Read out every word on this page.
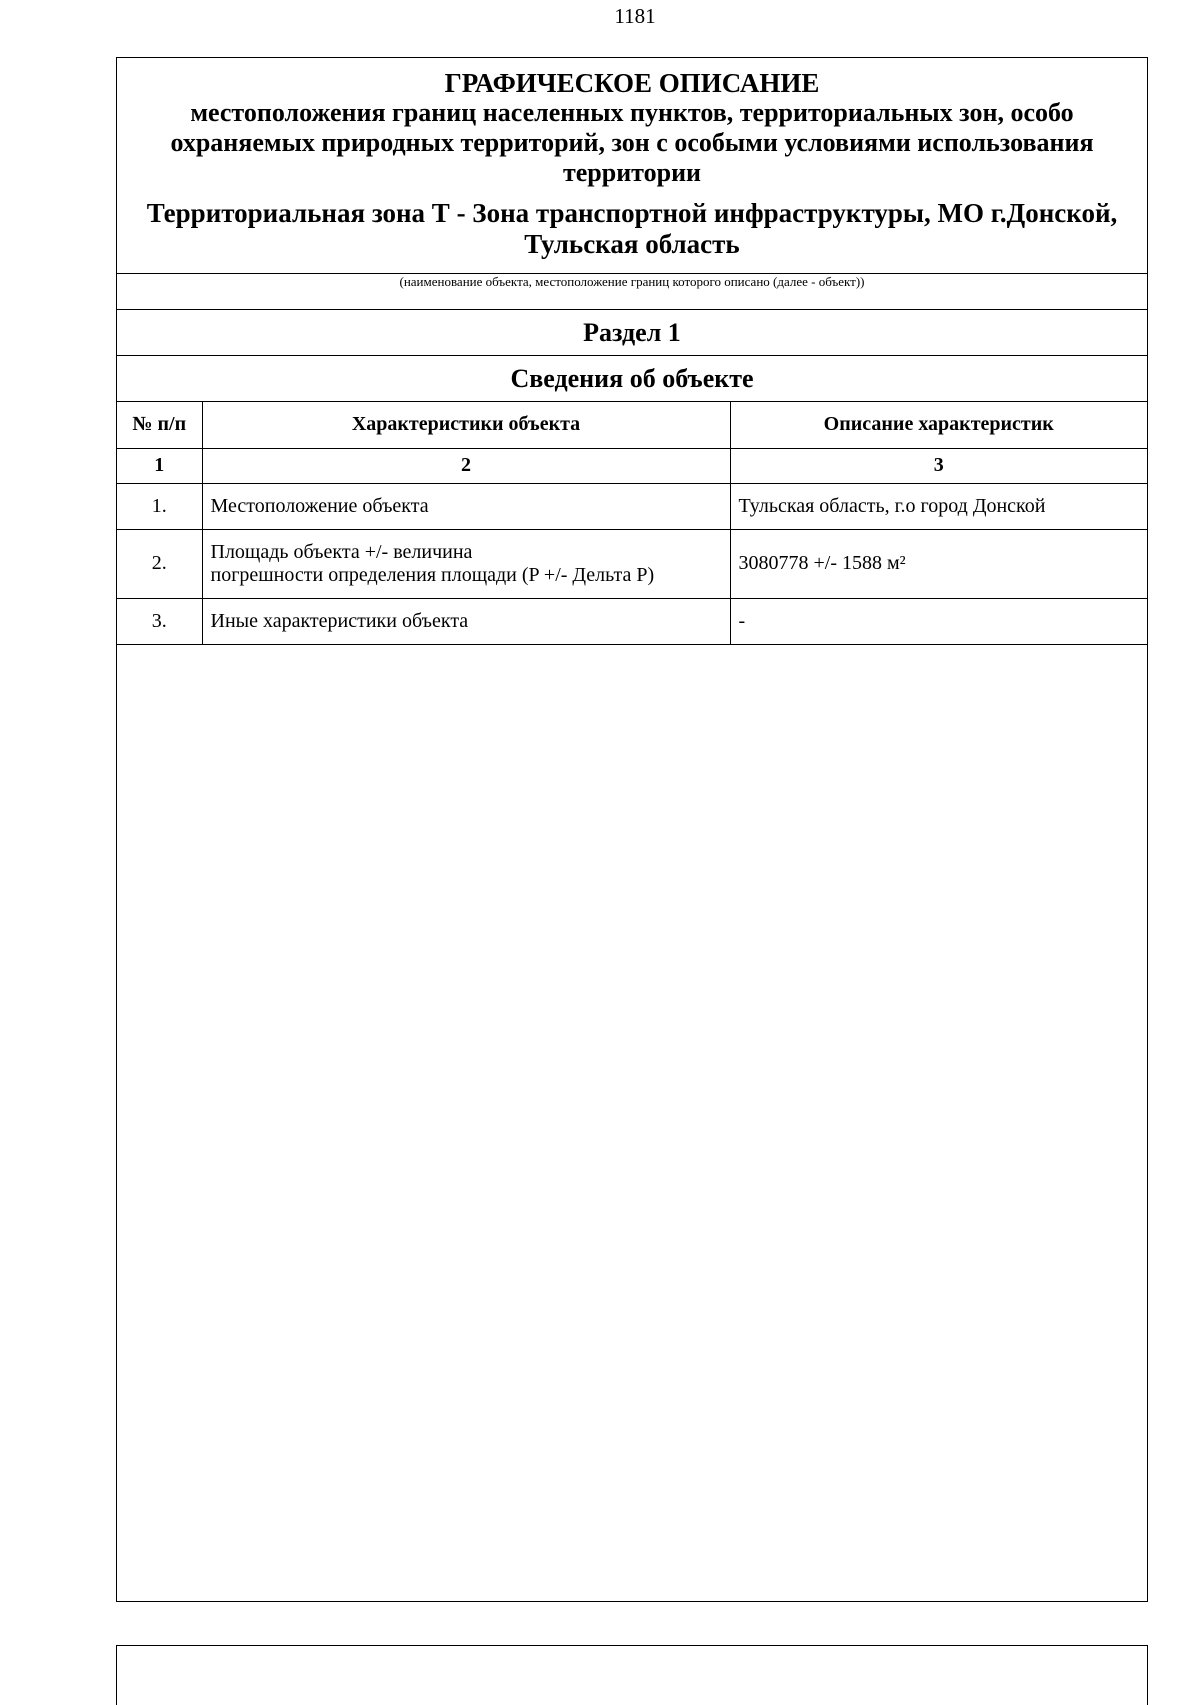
1181
ГРАФИЧЕСКОЕ ОПИСАНИЕ
местоположения границ населенных пунктов, территориальных зон, особо охраняемых природных территорий, зон с особыми условиями использования территории
Территориальная зона Т - Зона транспортной инфраструктуры, МО г.Донской,
Тульская область
(наименование объекта, местоположение границ которого описано (далее - объект))
Раздел 1
Сведения об объекте
№ п/п	Характеристики объекта	Описание характеристик
1	2	3
1.	Местоположение объекта	Тульская область, г.о город Донской
2.	Площадь объекта +/- величина
погрешности определения площади (P +/- Дельта P)	3080778 +/- 1588 м²
3.	Иные характеристики объекта	-
